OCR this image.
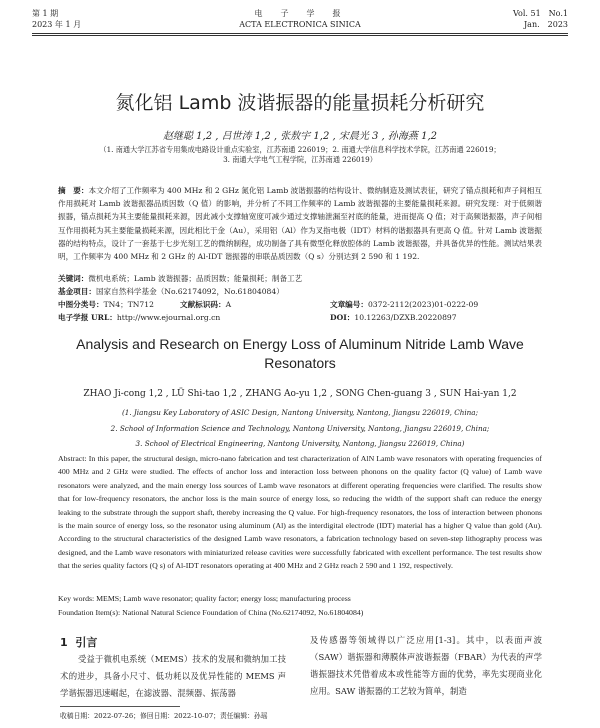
第 1 期
2023 年 1 月
电　子　学　报
ACTA ELECTRONICA SINICA
Vol. 51　No.1
Jan.　2023
氮化铝 Lamb 波谐振器的能量损耗分析研究
赵继聪 1,2 , 吕世涛 1,2 , 张敖宇 1,2 , 宋晨光 3 , 孙海燕 1,2
（1. 南通大学江苏省专用集成电路设计重点实验室，江苏南通 226019；2. 南通大学信息科学技术学院，江苏南通 226019；
3. 南通大学电气工程学院，江苏南通 226019）
摘　要：本文介绍了工作频率为 400 MHz 和 2 GHz 氮化铝 Lamb 波谐振器的结构设计、微纳制造及测试表征，研究了锚点损耗和声子间相互作用损耗对 Lamb 波谐振器品质因数（Q 值）的影响，并分析了不同工作频率的 Lamb 波谐振器的主要能量损耗来源。研究发现：对于低频谐振器，锚点损耗为其主要能量损耗来源，因此减小支撑轴宽度可减少通过支撑轴泄漏至衬底的能量，进而提高 Q 值；对于高频谐振器，声子间相互作用损耗为其主要能量损耗来源，因此相比于金（Au），采用铝（Al）作为叉指电极（IDT）材料的谐振器具有更高 Q 值。针对 Lamb 波谐振器的结构特点，设计了一套基于七步光刻工艺的微纳制程，成功制备了具有微型化释放腔体的 Lamb 波谐振器，并具备优异的性能。测试结果表明，工作频率为 400 MHz 和 2 GHz 的 Al-IDT 谐振器的串联品质因数（Q s）分别达到 2 590 和 1 192.
关键词：微机电系统；Lamb 波谐振器；品质因数；能量损耗；制备工艺
基金项目：国家自然科学基金（No.62174092，No.61804084）
中图分类号：TN4；TN712	文献标识码：A	文章编号：0372-2112(2023)01-0222-09
电子学报 URL：http://www.ejournal.org.cn	DOI：10.12263/DZXB.20220897
Analysis and Research on Energy Loss of Aluminum Nitride Lamb Wave Resonators
ZHAO Ji-cong 1,2 , LÜ Shi-tao 1,2 , ZHANG Ao-yu 1,2 , SONG Chen-guang 3 , SUN Hai-yan 1,2
(1. Jiangsu Key Laboratory of ASIC Design, Nantong University, Nantong, Jiangsu 226019, China;
2. School of Information Science and Technology, Nantong University, Nantong, Jiangsu 226019, China;
3. School of Electrical Engineering, Nantong University, Nantong, Jiangsu 226019, China)
Abstract: In this paper, the structural design, micro-nano fabrication and test characterization of AlN Lamb wave resonators with operating frequencies of 400 MHz and 2 GHz were studied. The effects of anchor loss and interaction loss between phonons on the quality factor (Q value) of Lamb wave resonators were analyzed, and the main energy loss sources of Lamb wave resonators at different operating frequencies were clarified. The results show that for low-frequency resonators, the anchor loss is the main source of energy loss, so reducing the width of the support shaft can reduce the energy leaking to the substrate through the support shaft, thereby increasing the Q value. For high-frequency resonators, the loss of interaction between phonons is the main source of energy loss, so the resonator using aluminum (Al) as the interdigital electrode (IDT) material has a higher Q value than gold (Au). According to the structural characteristics of the designed Lamb wave resonators, a fabrication technology based on seven-step lithography process was designed, and the Lamb wave resonators with miniaturized release cavities were successfully fabricated with excellent performance. The test results show that the series quality factors (Q s) of Al-IDT resonators operating at 400 MHz and 2 GHz reach 2 590 and 1 192, respectively.
Key words: MEMS; Lamb wave resonator; quality factor; energy loss; manufacturing process
Foundation Item(s): National Natural Science Foundation of China (No.62174092, No.61804084)
1 引言
受益于微机电系统（MEMS）技术的发展和微纳加工技术的进步，具备小尺寸、低功耗以及优异性能的 MEMS 声学谐振器迅速崛起，在滤波器、混频器、振荡器
及传感器等领域得以广泛应用[1-3]。其中，以表面声波（SAW）谐振器和薄膜体声波谐振器（FBAR）为代表的声学谐振器技术凭借着成本或性能等方面的优势，率先实现商业化应用。SAW 谐振器的工艺较为简单，制造
收稿日期：2022-07-26；修回日期：2022-10-07；责任编辑：孙瑶
